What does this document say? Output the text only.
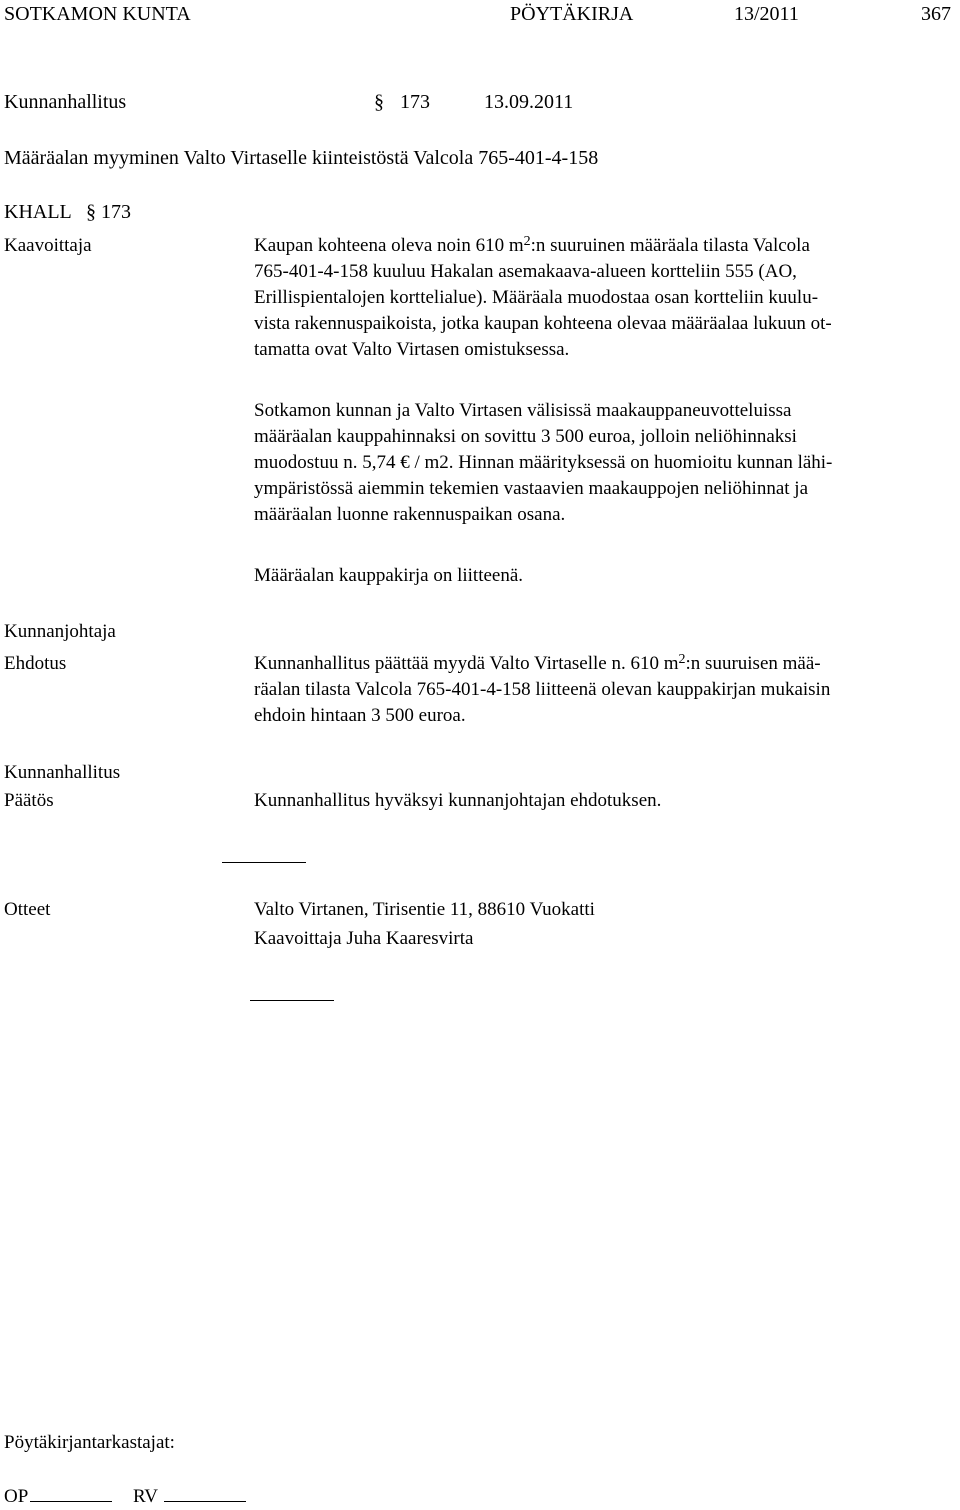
SOTKAMON KUNTA	PÖYTÄKIRJA	13/2011	367
Kunnanhallitus	§ 173	13.09.2011
Määräalan myyminen Valto Virtaselle kiinteistöstä Valcola 765-401-4-158
KHALL § 173
Kaavoittaja	Kaupan kohteena oleva noin 610 $m^2:n$ suuruinen määräala tilasta Valcola
765-401-4-158 kuuluu Hakalan asemakaava-alueen kortteliin 555 (AO,
Erillispientalojen korttelialue). Määräala muodostaa osan kortteliin kuulu-
vista rakennuspaikoista, jotka kaupan kohteena olevaa määräalaa lukuun ot-
tamatta ovat Valto Virtasen omistuksessa.
Sotkamon kunnan ja Valto Virtasen välisissä maakauppaneuvotteluissa
määräalan kauppahinnaksi on sovittu 3 500 euroa, jolloin neliöhinnaksi
muodostuu n. 5,74 € / m2. Hinnan määrityksessä on huomioitu kunnan lähi-
ympäristössä aiemmin tekemien vastaavien maakauppojen neliöhinnat ja
määräalan luonne rakennuspaikan osana.
Määräalan kauppakirja on liitteenä.
Kunnanjohtaja
Ehdotus	Kunnanhallitus päättää myydä Valto Virtaselle n. 610 $m^2:n$ suuruisen mää-
räalan tilasta Valcola 765-401-4-158 liitteenä olevan kauppakirjan mukaisin
ehdoin hintaan 3 500 euroa.
Kunnanhallitus
Päätös	Kunnanhallitus hyväksyi kunnanjohtajan ehdotuksen.
Otteet	Valto Virtanen, Tirisentie 11, 88610 Vuokatti
Kaavoittaja Juha Kaaresvirta
Pöytäkirjantarkastajat:
OP	RV
